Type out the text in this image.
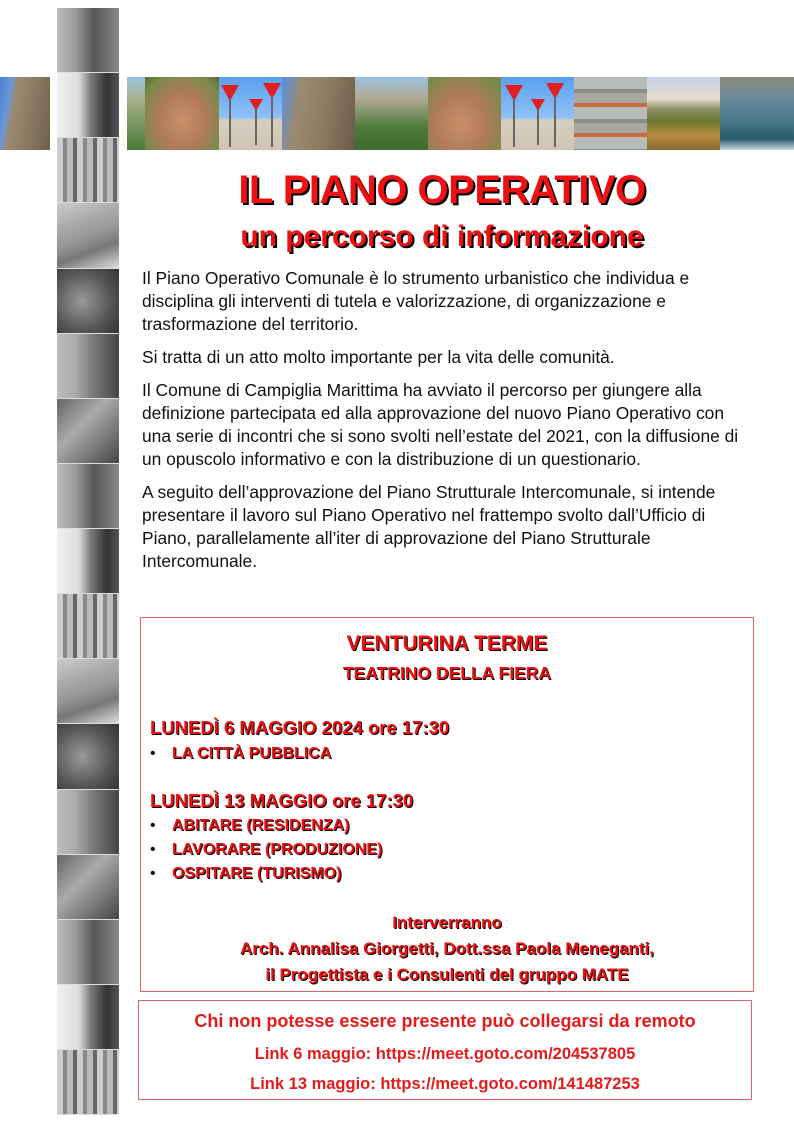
IL PIANO OPERATIVO
un percorso di informazione

Il Piano Operativo Comunale è lo strumento urbanistico che individua e disciplina gli interventi di tutela e valorizzazione, di organizzazione e trasformazione del territorio.

Si tratta di un atto molto importante per la vita delle comunità.

Il Comune di Campiglia Marittima ha avviato il percorso per giungere alla definizione partecipata ed alla approvazione del nuovo Piano Operativo con una serie di incontri che si sono svolti nell’estate del 2021, con la diffusione di un opuscolo informativo e con la distribuzione di un questionario.

A seguito dell’approvazione del Piano Strutturale Intercomunale, si intende presentare il lavoro sul Piano Operativo nel frattempo svolto dall’Ufficio di Piano, parallelamente all’iter di approvazione del Piano Strutturale Intercomunale.

VENTURINA TERME
TEATRINO DELLA FIERA
LUNEDÌ 6 MAGGIO 2024 ore 17:30
•	LA CITTÀ PUBBLICA
LUNEDÌ 13 MAGGIO ore 17:30
•	ABITARE (RESIDENZA)
•	LAVORARE (PRODUZIONE)
•	OSPITARE (TURISMO)
Interverranno
Arch. Annalisa Giorgetti, Dott.ssa Paola Meneganti,
il Progettista e i Consulenti del gruppo MATE
Chi non potesse essere presente può collegarsi da remoto
Link 6 maggio: https://meet.goto.com/204537805
Link 13 maggio: https://meet.goto.com/141487253
